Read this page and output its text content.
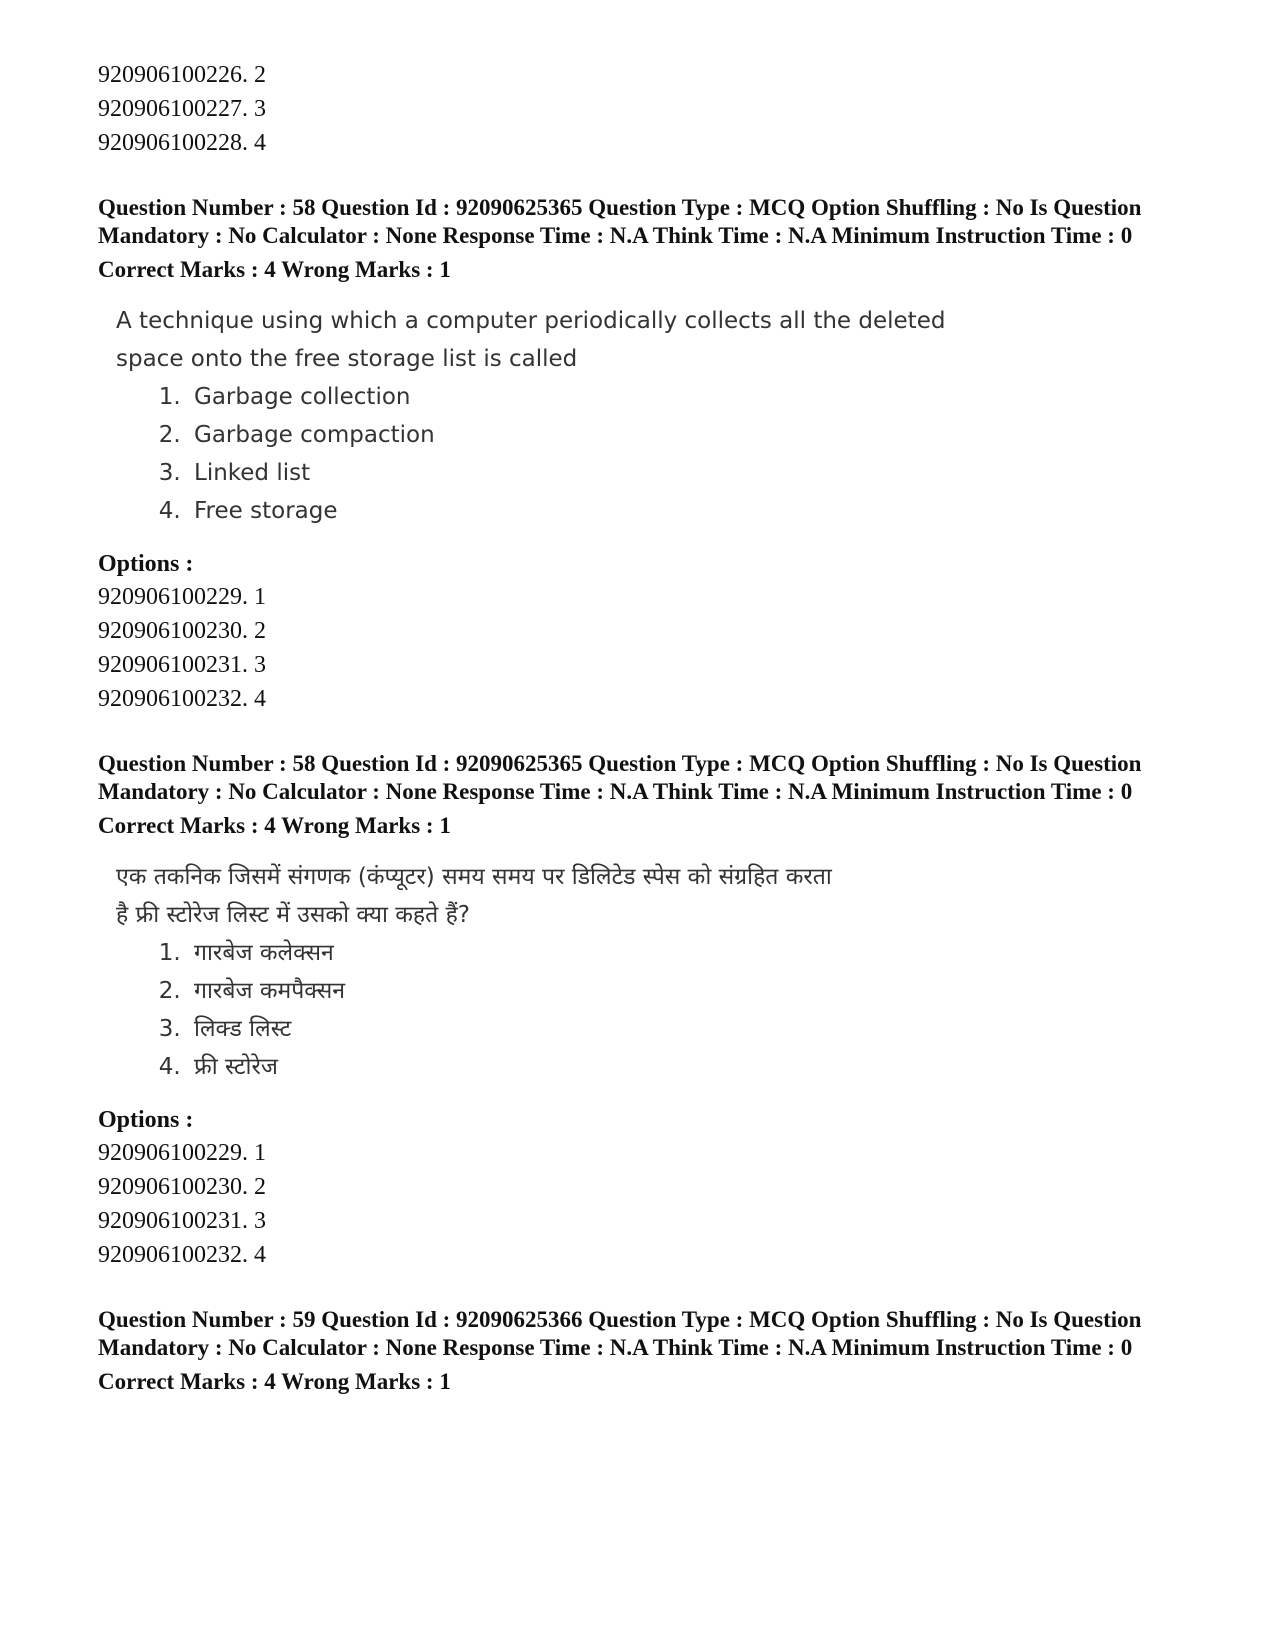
920906100226. 2
920906100227. 3
920906100228. 4
Question Number : 58 Question Id : 92090625365 Question Type : MCQ Option Shuffling : No Is Question Mandatory : No Calculator : None Response Time : N.A Think Time : N.A Minimum Instruction Time : 0
Correct Marks : 4 Wrong Marks : 1
A technique using which a computer periodically collects all the deleted
space onto the free storage list is called
1. Garbage collection
2. Garbage compaction
3. Linked list
4. Free storage
Options :
920906100229. 1
920906100230. 2
920906100231. 3
920906100232. 4
Question Number : 58 Question Id : 92090625365 Question Type : MCQ Option Shuffling : No Is Question Mandatory : No Calculator : None Response Time : N.A Think Time : N.A Minimum Instruction Time : 0
Correct Marks : 4 Wrong Marks : 1
एक तकनिक जिसमें संगणक (कंप्यूटर) समय समय पर डिलिटेड स्पेस को संग्रहित करता
है फ्री स्टोरेज लिस्ट में उसको क्या कहते हैं?
1. गारबेज कलेक्सन
2. गारबेज कमपैक्सन
3. लिक्ड लिस्ट
4. फ्री स्टोरेज
Options :
920906100229. 1
920906100230. 2
920906100231. 3
920906100232. 4
Question Number : 59 Question Id : 92090625366 Question Type : MCQ Option Shuffling : No Is Question Mandatory : No Calculator : None Response Time : N.A Think Time : N.A Minimum Instruction Time : 0
Correct Marks : 4 Wrong Marks : 1
